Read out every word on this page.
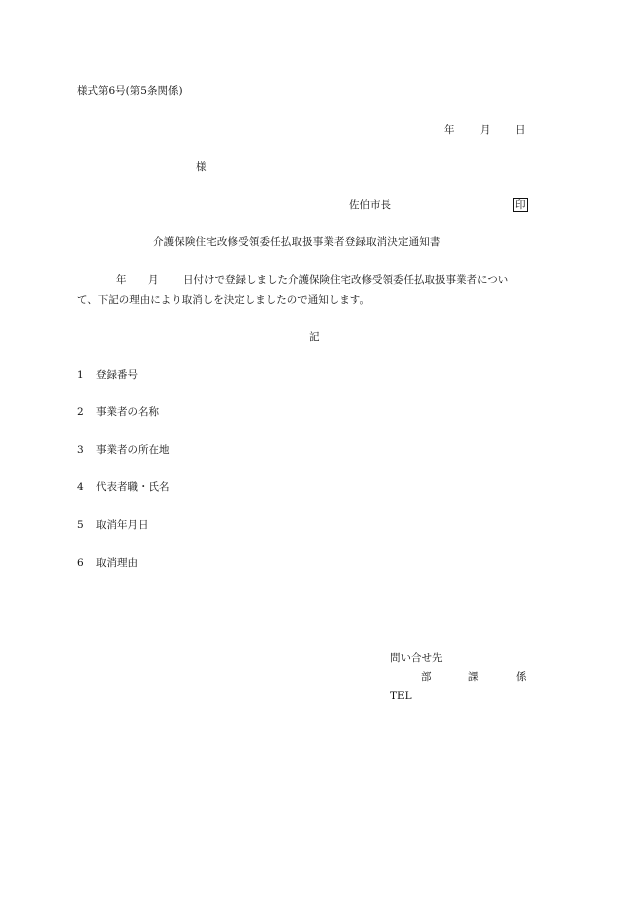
様式第6号(第5条関係)
年 月 日
様
佐伯市長	印
介護保険住宅改修受領委任払取扱事業者登録取消決定通知書
年 月 日付けで登録しました介護保険住宅改修受領委任払取扱事業者につい
て、下記の理由により取消しを決定しましたので通知します。
記
1 登録番号
2 事業者の名称
3 事業者の所在地
4 代表者職・氏名
5 取消年月日
6 取消理由
問い合せ先
部	課	係
TEL
